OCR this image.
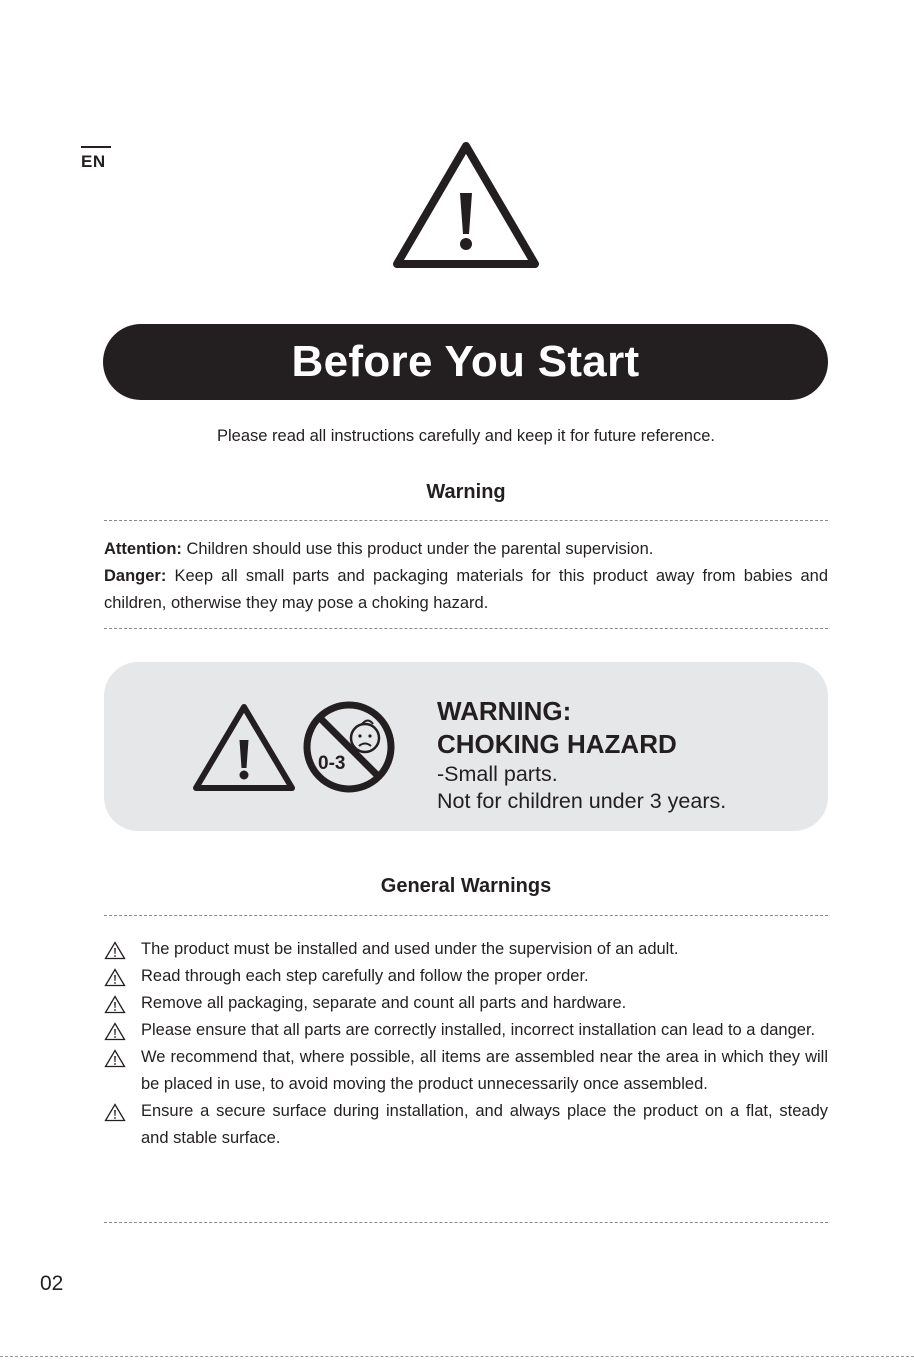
EN
Before You Start
Please read all instructions carefully and keep it for future reference.
Warning
Attention: Children should use this product under the parental supervision.
Danger: Keep all small parts and packaging materials for this product away from babies and children, otherwise they may pose a choking hazard.
0-3
WARNING:
CHOKING HAZARD
-Small parts.
Not for children under 3 years.
General Warnings
The product must be installed and used under the supervision of an adult.
Read through each step carefully and follow the proper order.
Remove all packaging, separate and count all parts and hardware.
Please ensure that all parts are correctly installed, incorrect installation can lead to a danger.
We recommend that, where possible, all items are assembled near the area in which they will be placed in use, to avoid moving the product unnecessarily once assembled.
Ensure a secure surface during installation, and always place the product on a flat, steady and stable surface.
02
